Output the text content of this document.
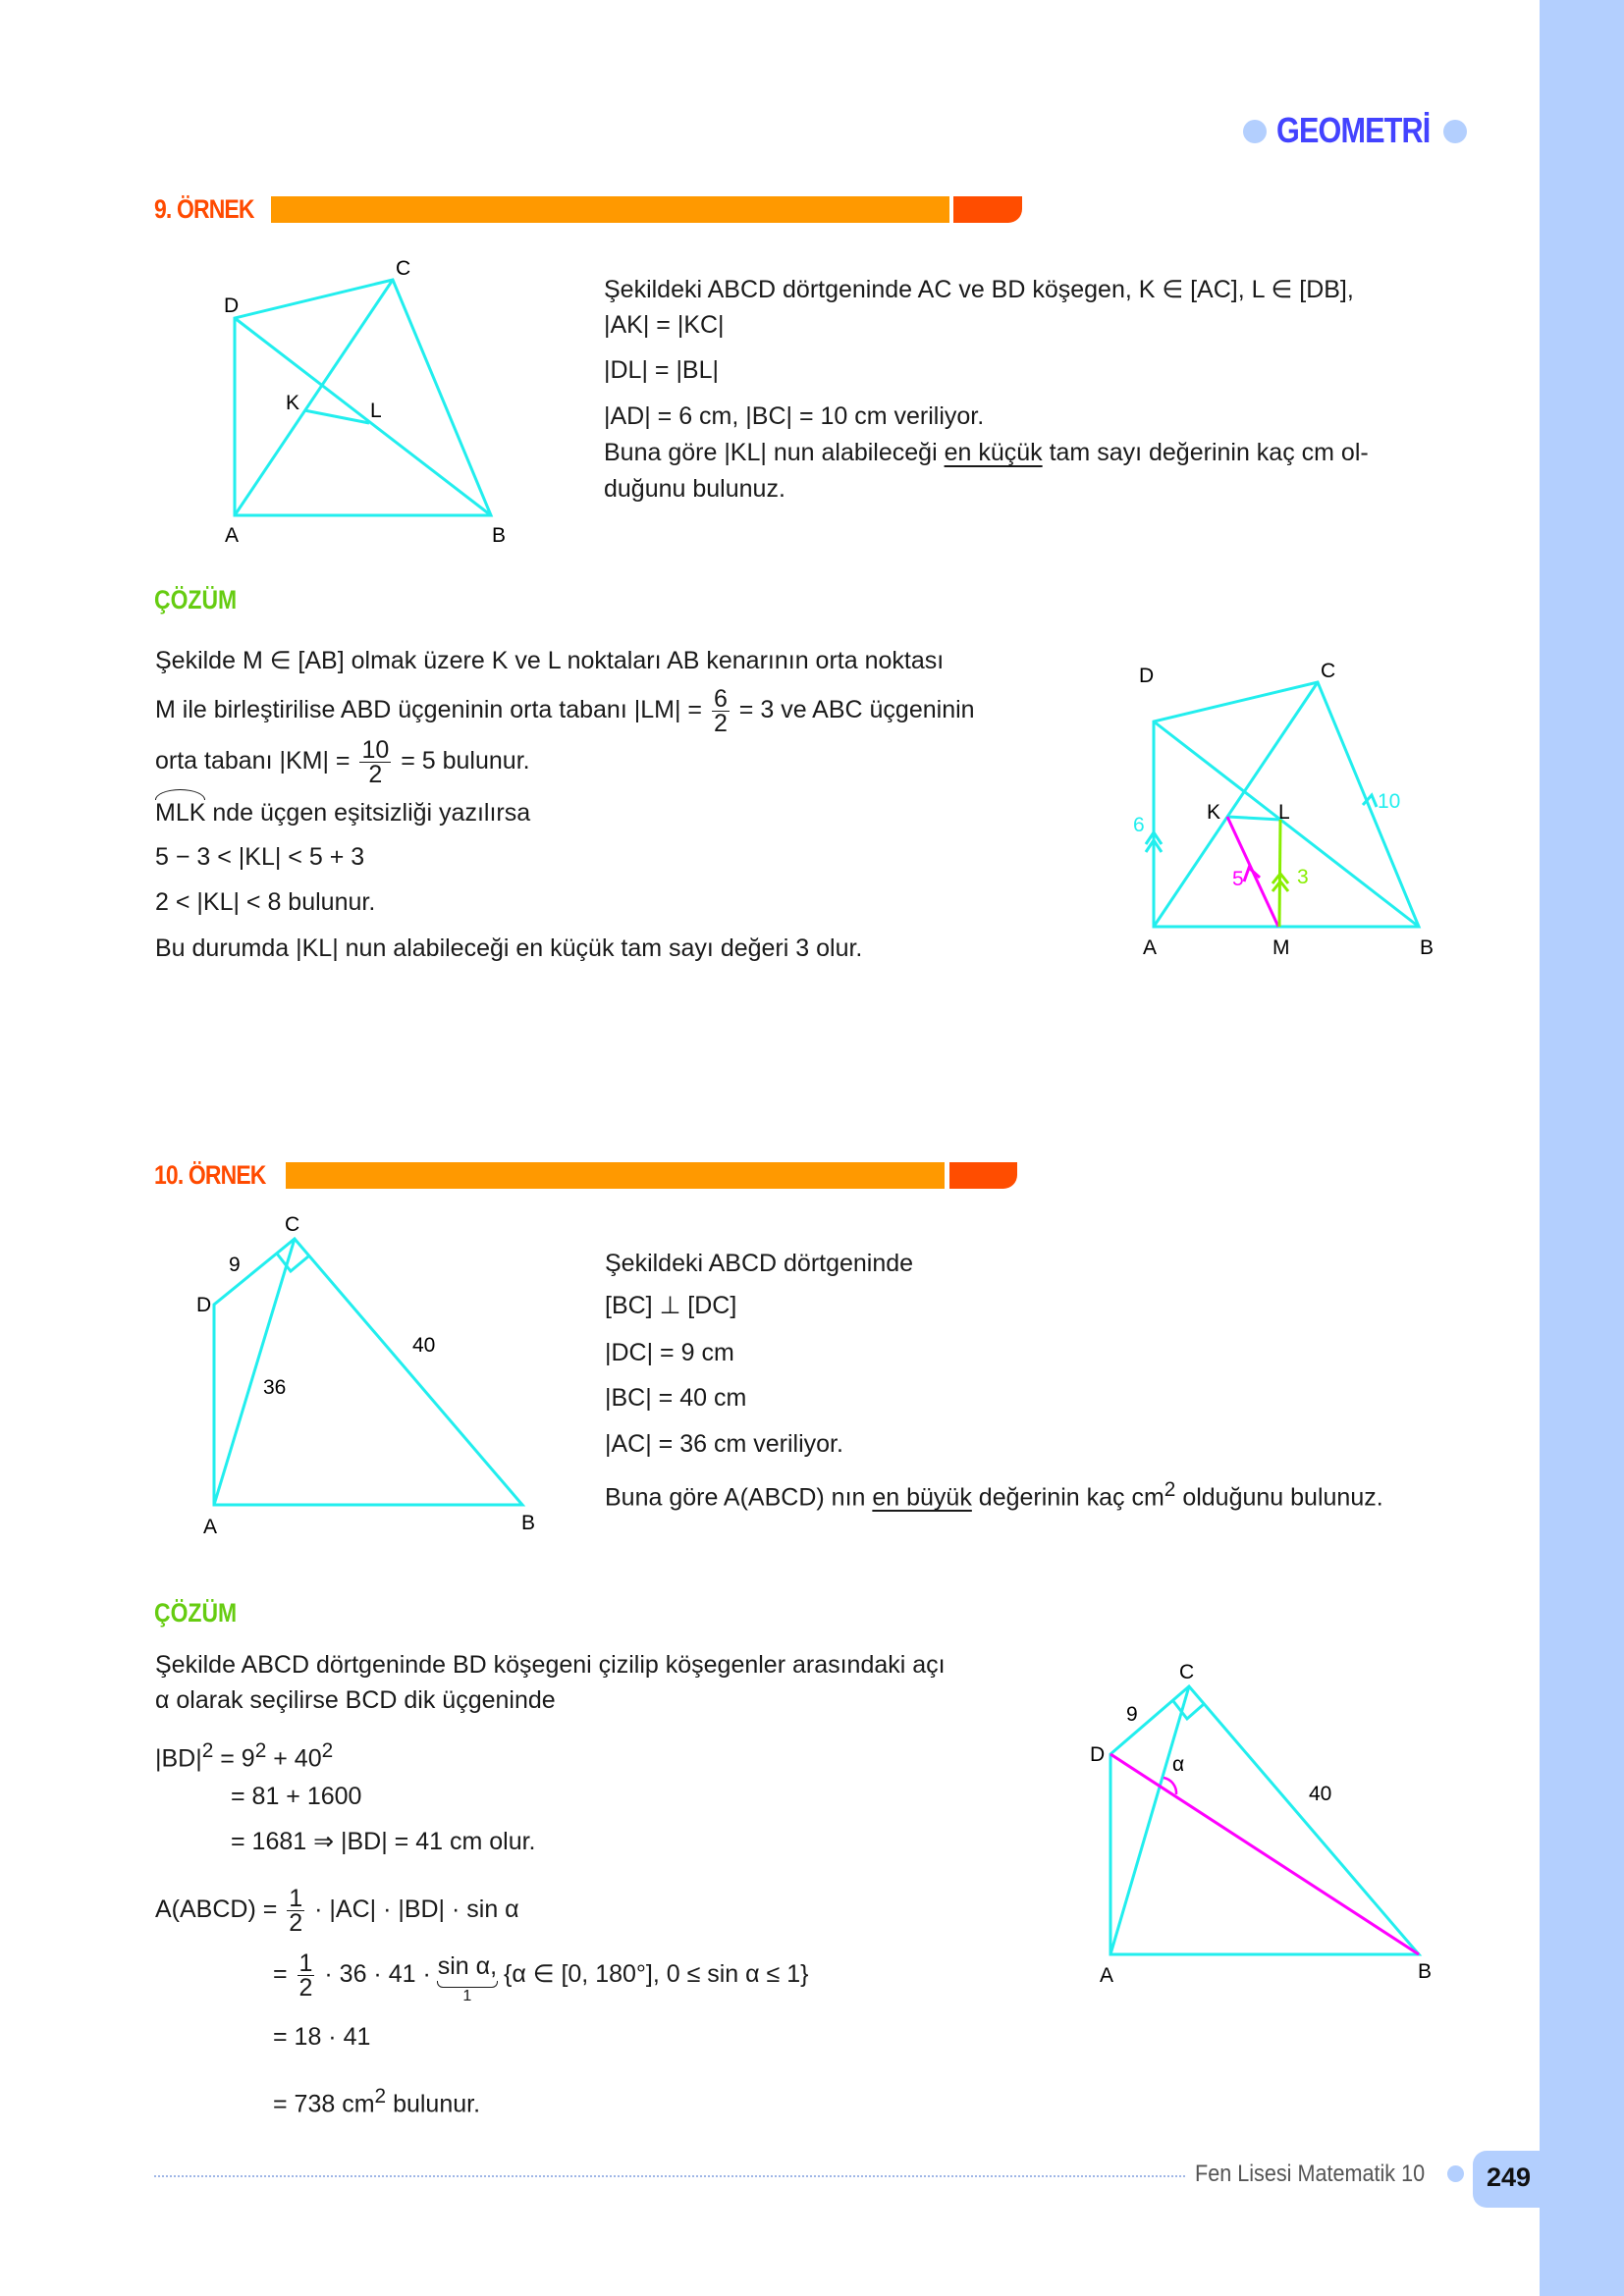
GEOMETRİ
9. ÖRNEK
D
C
K	L
A	B
D	C
K	L
A	M	B
6
10
5	3
D
C
A	B
9
40
36
D
C
A	B
9
40
α
Şekildeki ABCD dörtgeninde AC ve BD köşegen, K ∈ [AC], L ∈ [DB],
|AK| = |KC|
|DL| = |BL|
|AD| = 6 cm, |BC| = 10 cm veriliyor.
Buna göre |KL| nun alabileceği en küçük tam sayı değerinin kaç cm ol-
duğunu bulunuz.
ÇÖZÜM
Şekilde M ∈ [AB] olmak üzere K ve L noktaları AB kenarının orta noktası
M ile birleştirilise ABD üçgeninin orta tabanı $|LM| = \frac{6}{2} = 3$ ve ABC üçgeninin
orta tabanı $|KM| = \frac{10}{2} = 5$ bulunur.
MLK nde üçgen eşitsizliği yazılırsa
5 − 3 < |KL| < 5 + 3
2 < |KL| < 8 bulunur.
Bu durumda |KL| nun alabileceği en küçük tam sayı değeri 3 olur.
10. ÖRNEK
Şekildeki ABCD dörtgeninde
[BC] ⊥ [DC]
|DC| = 9 cm
|BC| = 40 cm
|AC| = 36 cm veriliyor.
Buna göre A(ABCD) nın en büyük değerinin kaç $cm^2$ olduğunu bulunuz.
ÇÖZÜM
Şekilde ABCD dörtgeninde BD köşegeni çizilip köşegenler arasındaki açı
α olarak seçilirse BCD dik üçgeninde
$|BD|^2 = 9^2 + 40^2$
= 81 + 1600
= 1681 ⇒ |BD| = 41 cm olur.
A(ABCD) = $\frac{1}{2} \cdot |AC| \cdot |BD| \cdot \sin \alpha$
= $\frac{1}{2} \cdot 36 \cdot 41 \cdot \sin \alpha$,
1
{α ∈ [0, 180°], 0 ≤ sin α ≤ 1}
= 18 · 41
= 738 $cm^2$ bulunur.
Fen Lisesi Matematik 10 249
